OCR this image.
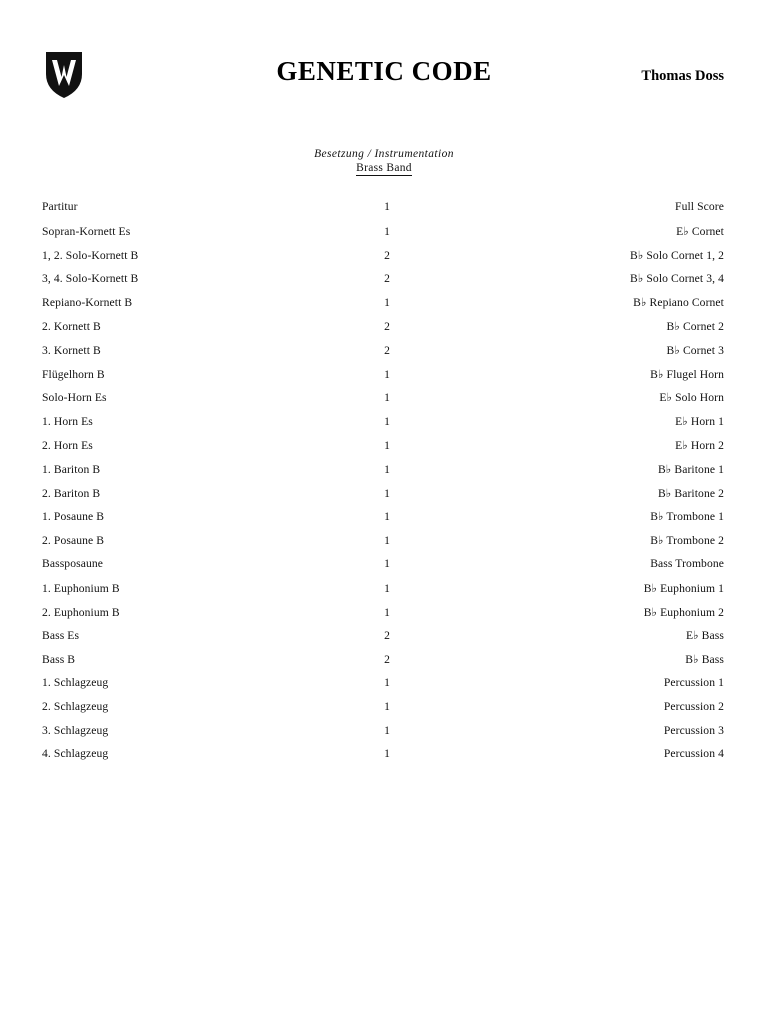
GENETIC CODE	Thomas Doss
Besetzung / Instrumentation
Brass Band
Partitur	1	Full Score
Sopran-Kornett Es	1	E♭ Cornet
1, 2. Solo-Kornett B	2	B♭ Solo Cornet 1, 2
3, 4. Solo-Kornett B	2	B♭ Solo Cornet 3, 4
Repiano-Kornett B	1	B♭ Repiano Cornet
2. Kornett B	2	B♭ Cornet 2
3. Kornett B	2	B♭ Cornet 3
Flügelhorn B	1	B♭ Flugel Horn
Solo-Horn Es	1	E♭ Solo Horn
1. Horn Es	1	E♭ Horn 1
2. Horn Es	1	E♭ Horn 2
1. Bariton B	1	B♭ Baritone 1
2. Bariton B	1	B♭ Baritone 2
1. Posaune B	1	B♭ Trombone 1
2. Posaune B	1	B♭ Trombone 2
Bassposaune	1	Bass Trombone
1. Euphonium B	1	B♭ Euphonium 1
2. Euphonium B	1	B♭ Euphonium 2
Bass Es	2	E♭ Bass
Bass B	2	B♭ Bass
1. Schlagzeug	1	Percussion 1
2. Schlagzeug	1	Percussion 2
3. Schlagzeug	1	Percussion 3
4. Schlagzeug	1	Percussion 4
